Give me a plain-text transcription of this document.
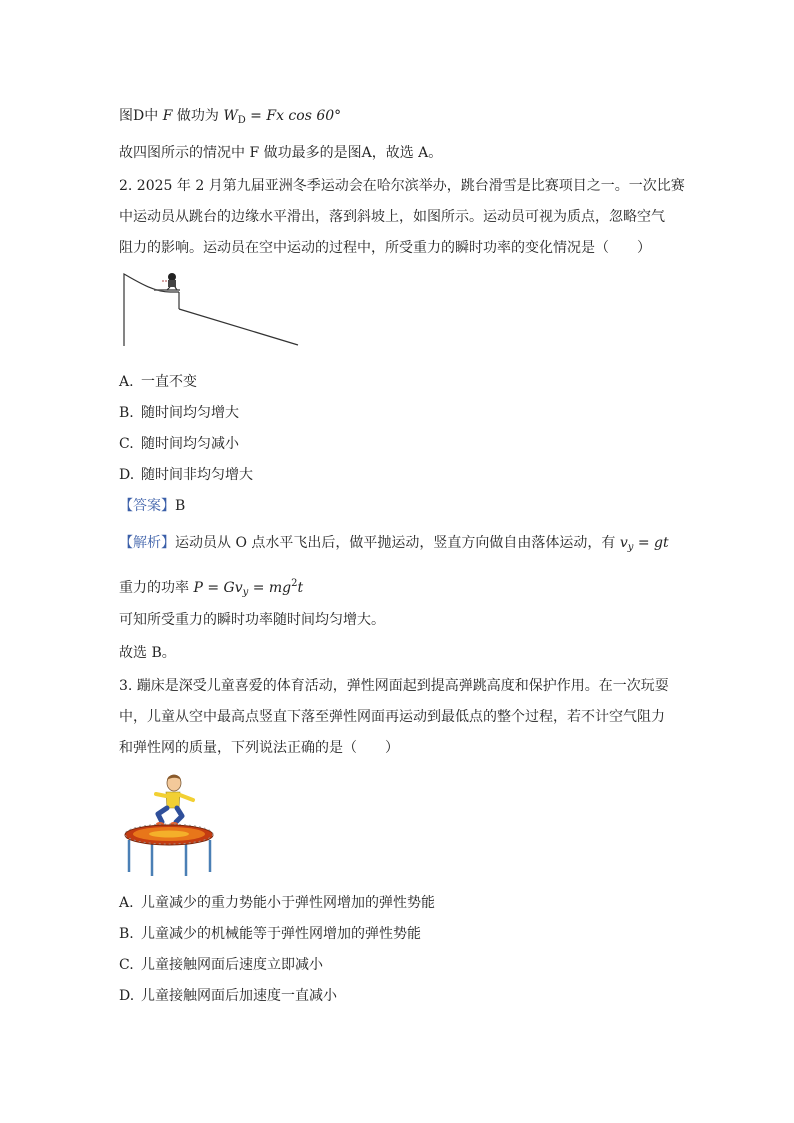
图D中 F 做功为 $W_D = Fx$ cos 60°
故四图所示的情况中 F 做功最多的是图A，故选 A。
2. 2025 年 2 月第九届亚洲冬季运动会在哈尔滨举办，跳台滑雪是比赛项目之一。一次比赛
中运动员从跳台的边缘水平滑出，落到斜坡上，如图所示。运动员可视为质点，忽略空气
阻力的影响。运动员在空中运动的过程中，所受重力的瞬时功率的变化情况是（　　）
A. 一直不变
B. 随时间均匀增大
C. 随时间均匀减小
D. 随时间非均匀增大
【答案】B
【解析】运动员从 O 点水平飞出后，做平抛运动，竖直方向做自由落体运动，有 $v_y$ = gt
重力的功率 $P = Gv_y = mg^2t$
可知所受重力的瞬时功率随时间均匀增大。
故选 B。
3. 蹦床是深受儿童喜爱的体育活动，弹性网面起到提高弹跳高度和保护作用。在一次玩耍
中，儿童从空中最高点竖直下落至弹性网面再运动到最低点的整个过程，若不计空气阻力
和弹性网的质量，下列说法正确的是（　　）
A. 儿童减少的重力势能小于弹性网增加的弹性势能
B. 儿童减少的机械能等于弹性网增加的弹性势能
C. 儿童接触网面后速度立即减小
D. 儿童接触网面后加速度一直减小
